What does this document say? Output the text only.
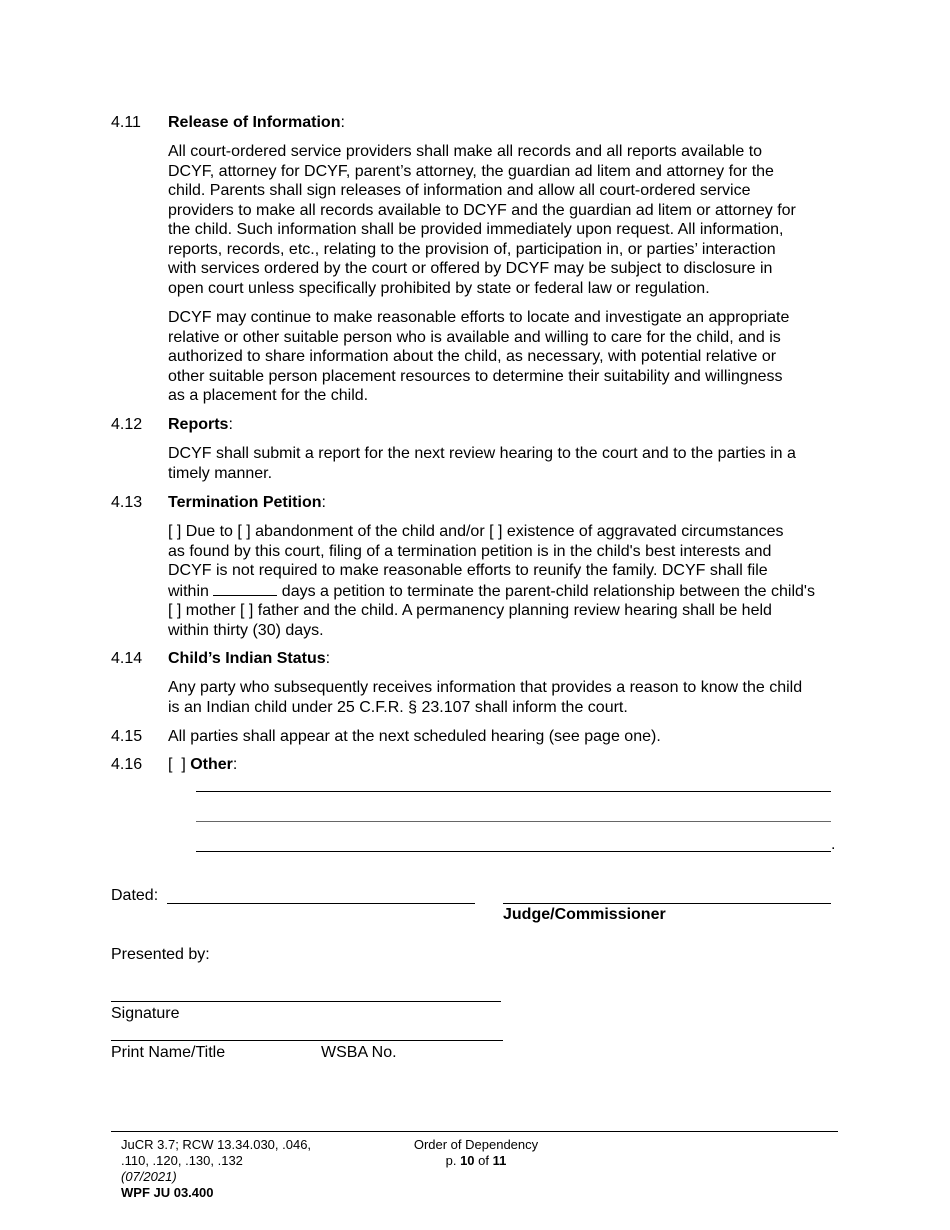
4.11 Release of Information:
All court-ordered service providers shall make all records and all reports available to
DCYF, attorney for DCYF, parent’s attorney, the guardian ad litem and attorney for the
child. Parents shall sign releases of information and allow all court-ordered service
providers to make all records available to DCYF and the guardian ad litem or attorney for
the child. Such information shall be provided immediately upon request. All information,
reports, records, etc., relating to the provision of, participation in, or parties’ interaction
with services ordered by the court or offered by DCYF may be subject to disclosure in
open court unless specifically prohibited by state or federal law or regulation.
DCYF may continue to make reasonable efforts to locate and investigate an appropriate
relative or other suitable person who is available and willing to care for the child, and is
authorized to share information about the child, as necessary, with potential relative or
other suitable person placement resources to determine their suitability and willingness
as a placement for the child.
4.12 Reports:
DCYF shall submit a report for the next review hearing to the court and to the parties in a
timely manner.
4.13 Termination Petition:
[ ] Due to [ ] abandonment of the child and/or [ ] existence of aggravated circumstances
as found by this court, filing of a termination petition is in the child's best interests and
DCYF is not required to make reasonable efforts to reunify the family. DCYF shall file
within	days a petition to terminate the parent-child relationship between the child's
[ ] mother [ ] father and the child. A permanency planning review hearing shall be held
within thirty (30) days.
4.14 Child’s Indian Status:
Any party who subsequently receives information that provides a reason to know the child
is an Indian child under 25 C.F.R. § 23.107 shall inform the court.
4.15 All parties shall appear at the next scheduled hearing (see page one).
4.16 [  ] Other:
.
Dated:
Judge/Commissioner
Presented by:
Signature
Print Name/Title	WSBA No.
JuCR 3.7; RCW 13.34.030, .046,
.110, .120, .130, .132
(07/2021)
WPF JU 03.400
Order of Dependency
p. 10 of 11
